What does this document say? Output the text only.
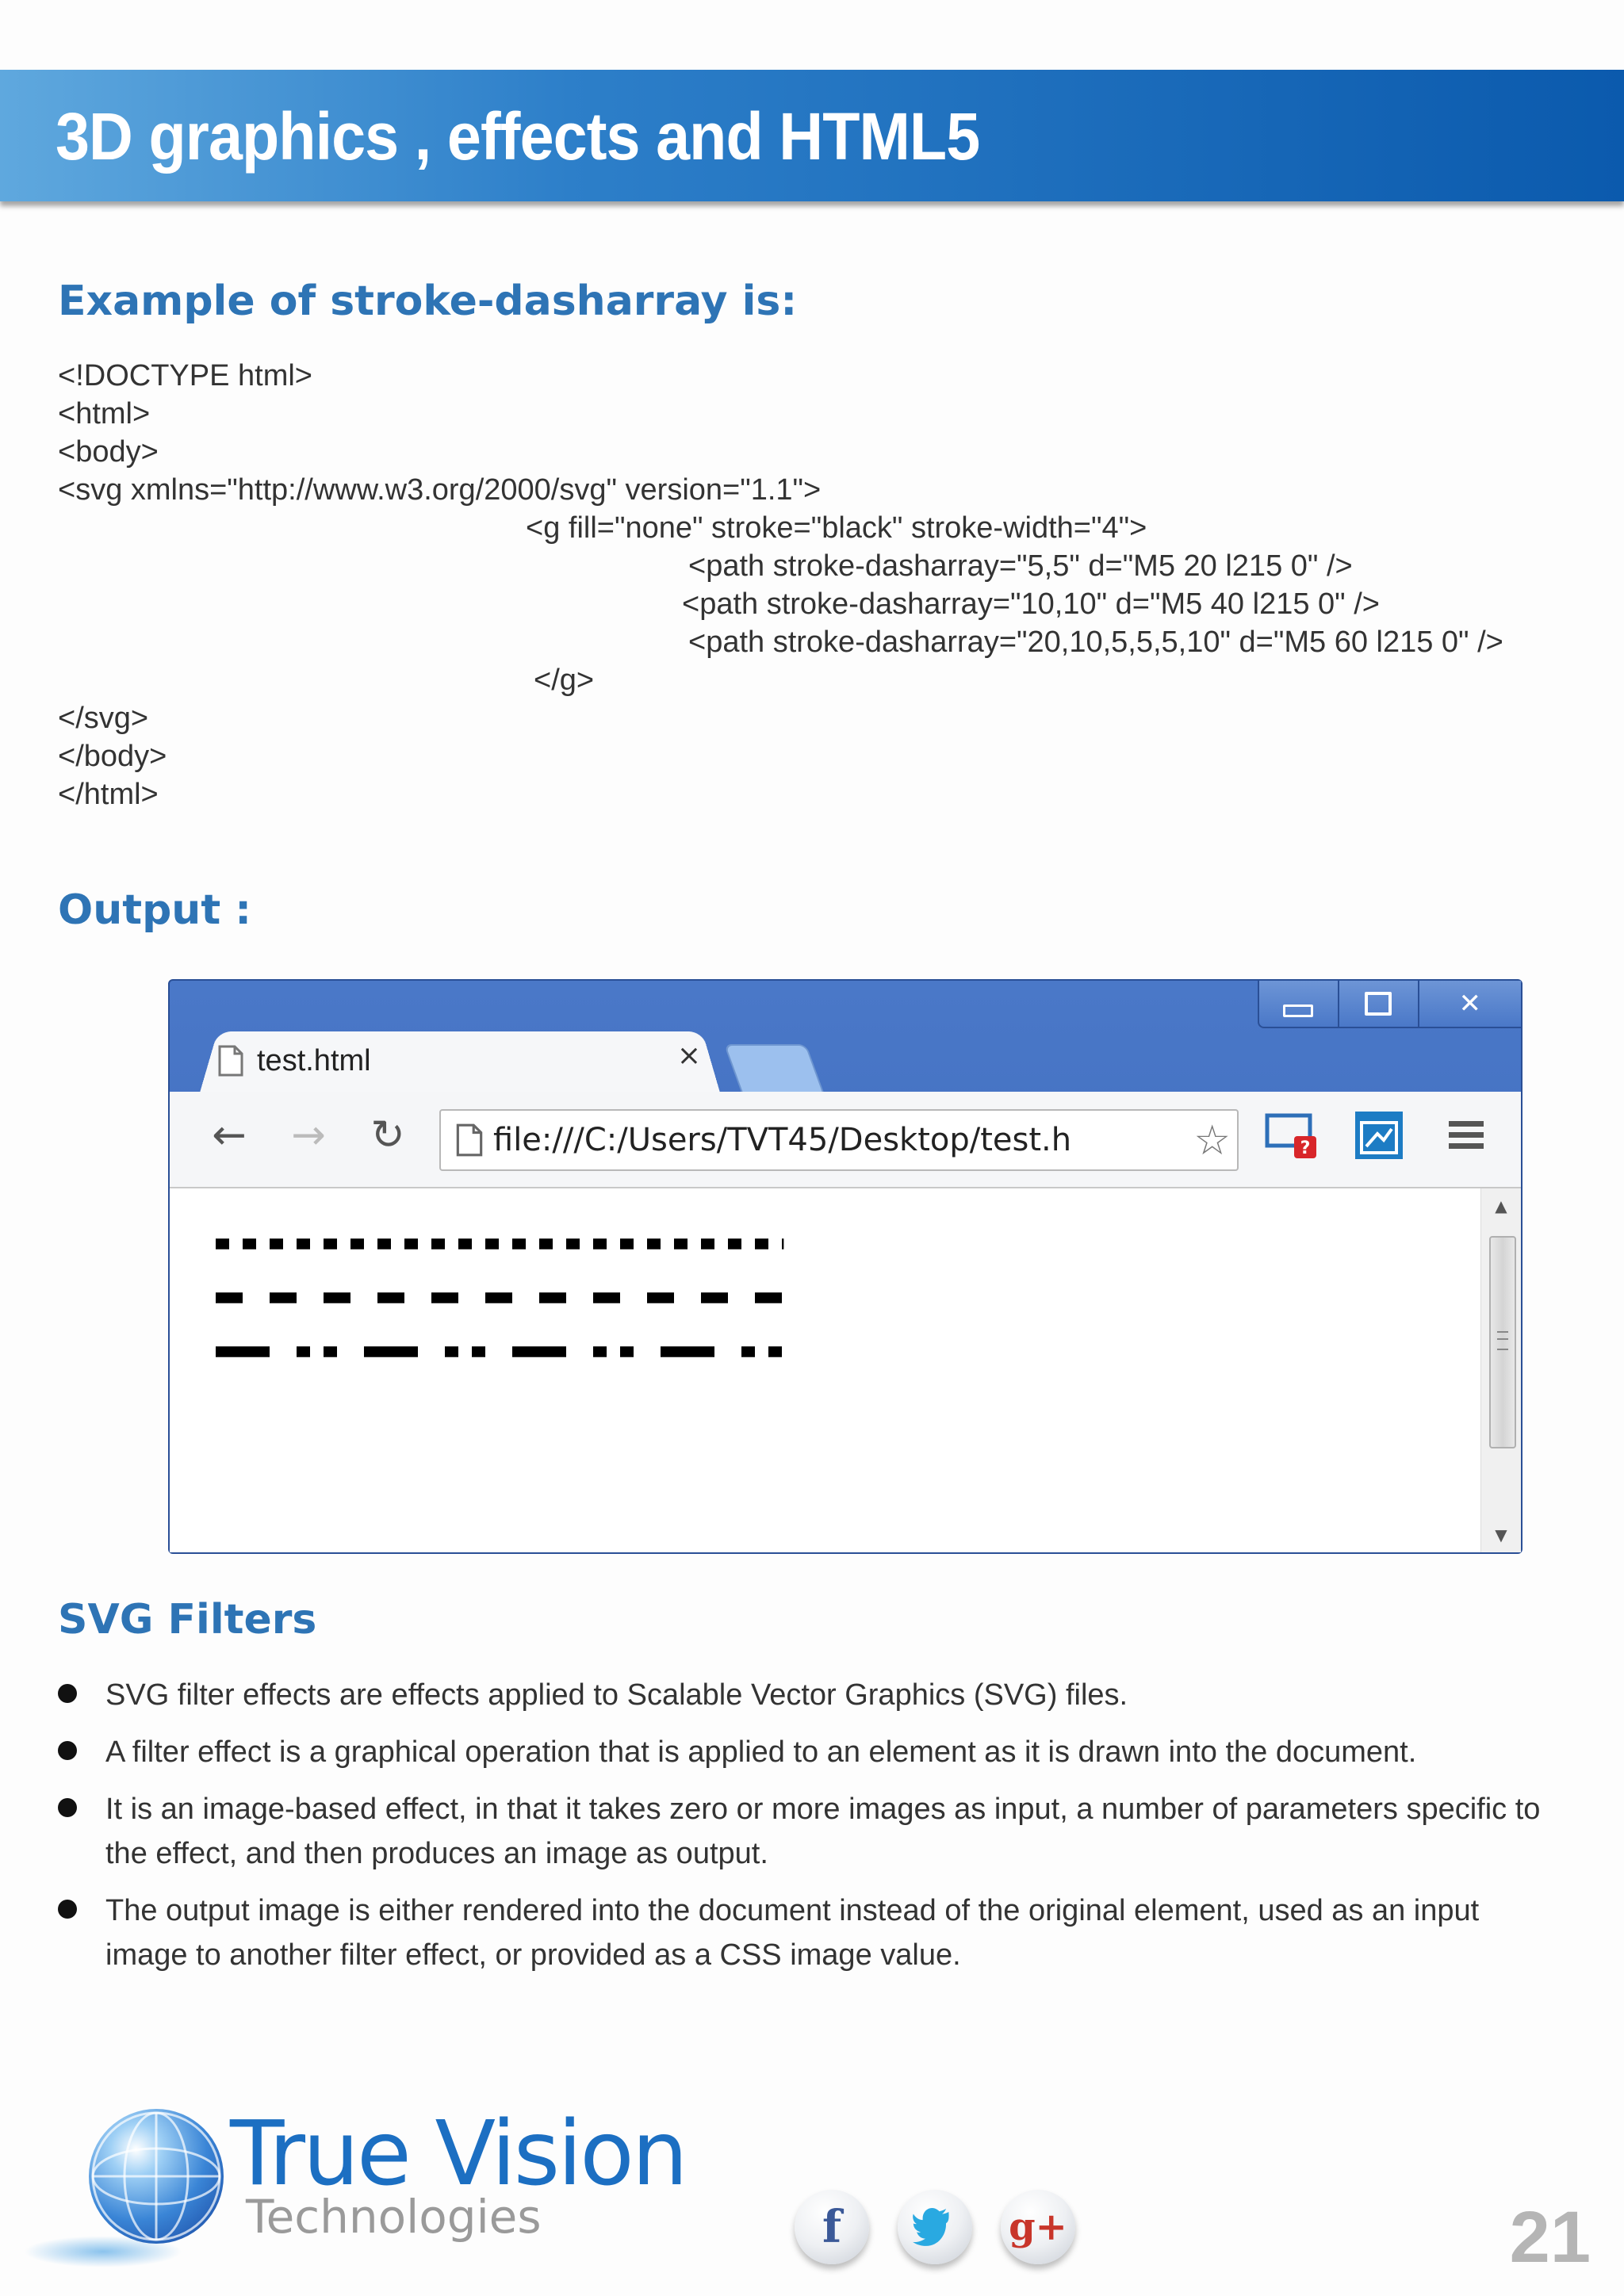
3D graphics , effects and HTML5
Example of stroke-dasharray is:
<!DOCTYPE html>
<html>
<body>
<svg xmlns="http://www.w3.org/2000/svg" version="1.1">
<g fill="none" stroke="black" stroke-width="4">
<path stroke-dasharray="5,5" d="M5 20 l215 0" />
<path stroke-dasharray="10,10" d="M5 40 l215 0" />
<path stroke-dasharray="20,10,5,5,5,10" d="M5 60 l215 0" />
</g>
</svg>
</body>
</html>
Output :
✕
test.html	×
← → ↻	file:///C:/Users/TVT45/Desktop/test.h	☆	?
▲
▼
SVG Filters
SVG filter effects are effects applied to Scalable Vector Graphics (SVG) files.
A filter effect is a graphical operation that is applied to an element as it is drawn into the document.
It is an image-based effect, in that it takes zero or more images as input, a number of parameters specific to the effect, and then produces an image as output.
The output image is either rendered into the document instead of the original element, used as an input image to another filter effect, or provided as a CSS image value.

True Vision

Technologies	f	g+	21
